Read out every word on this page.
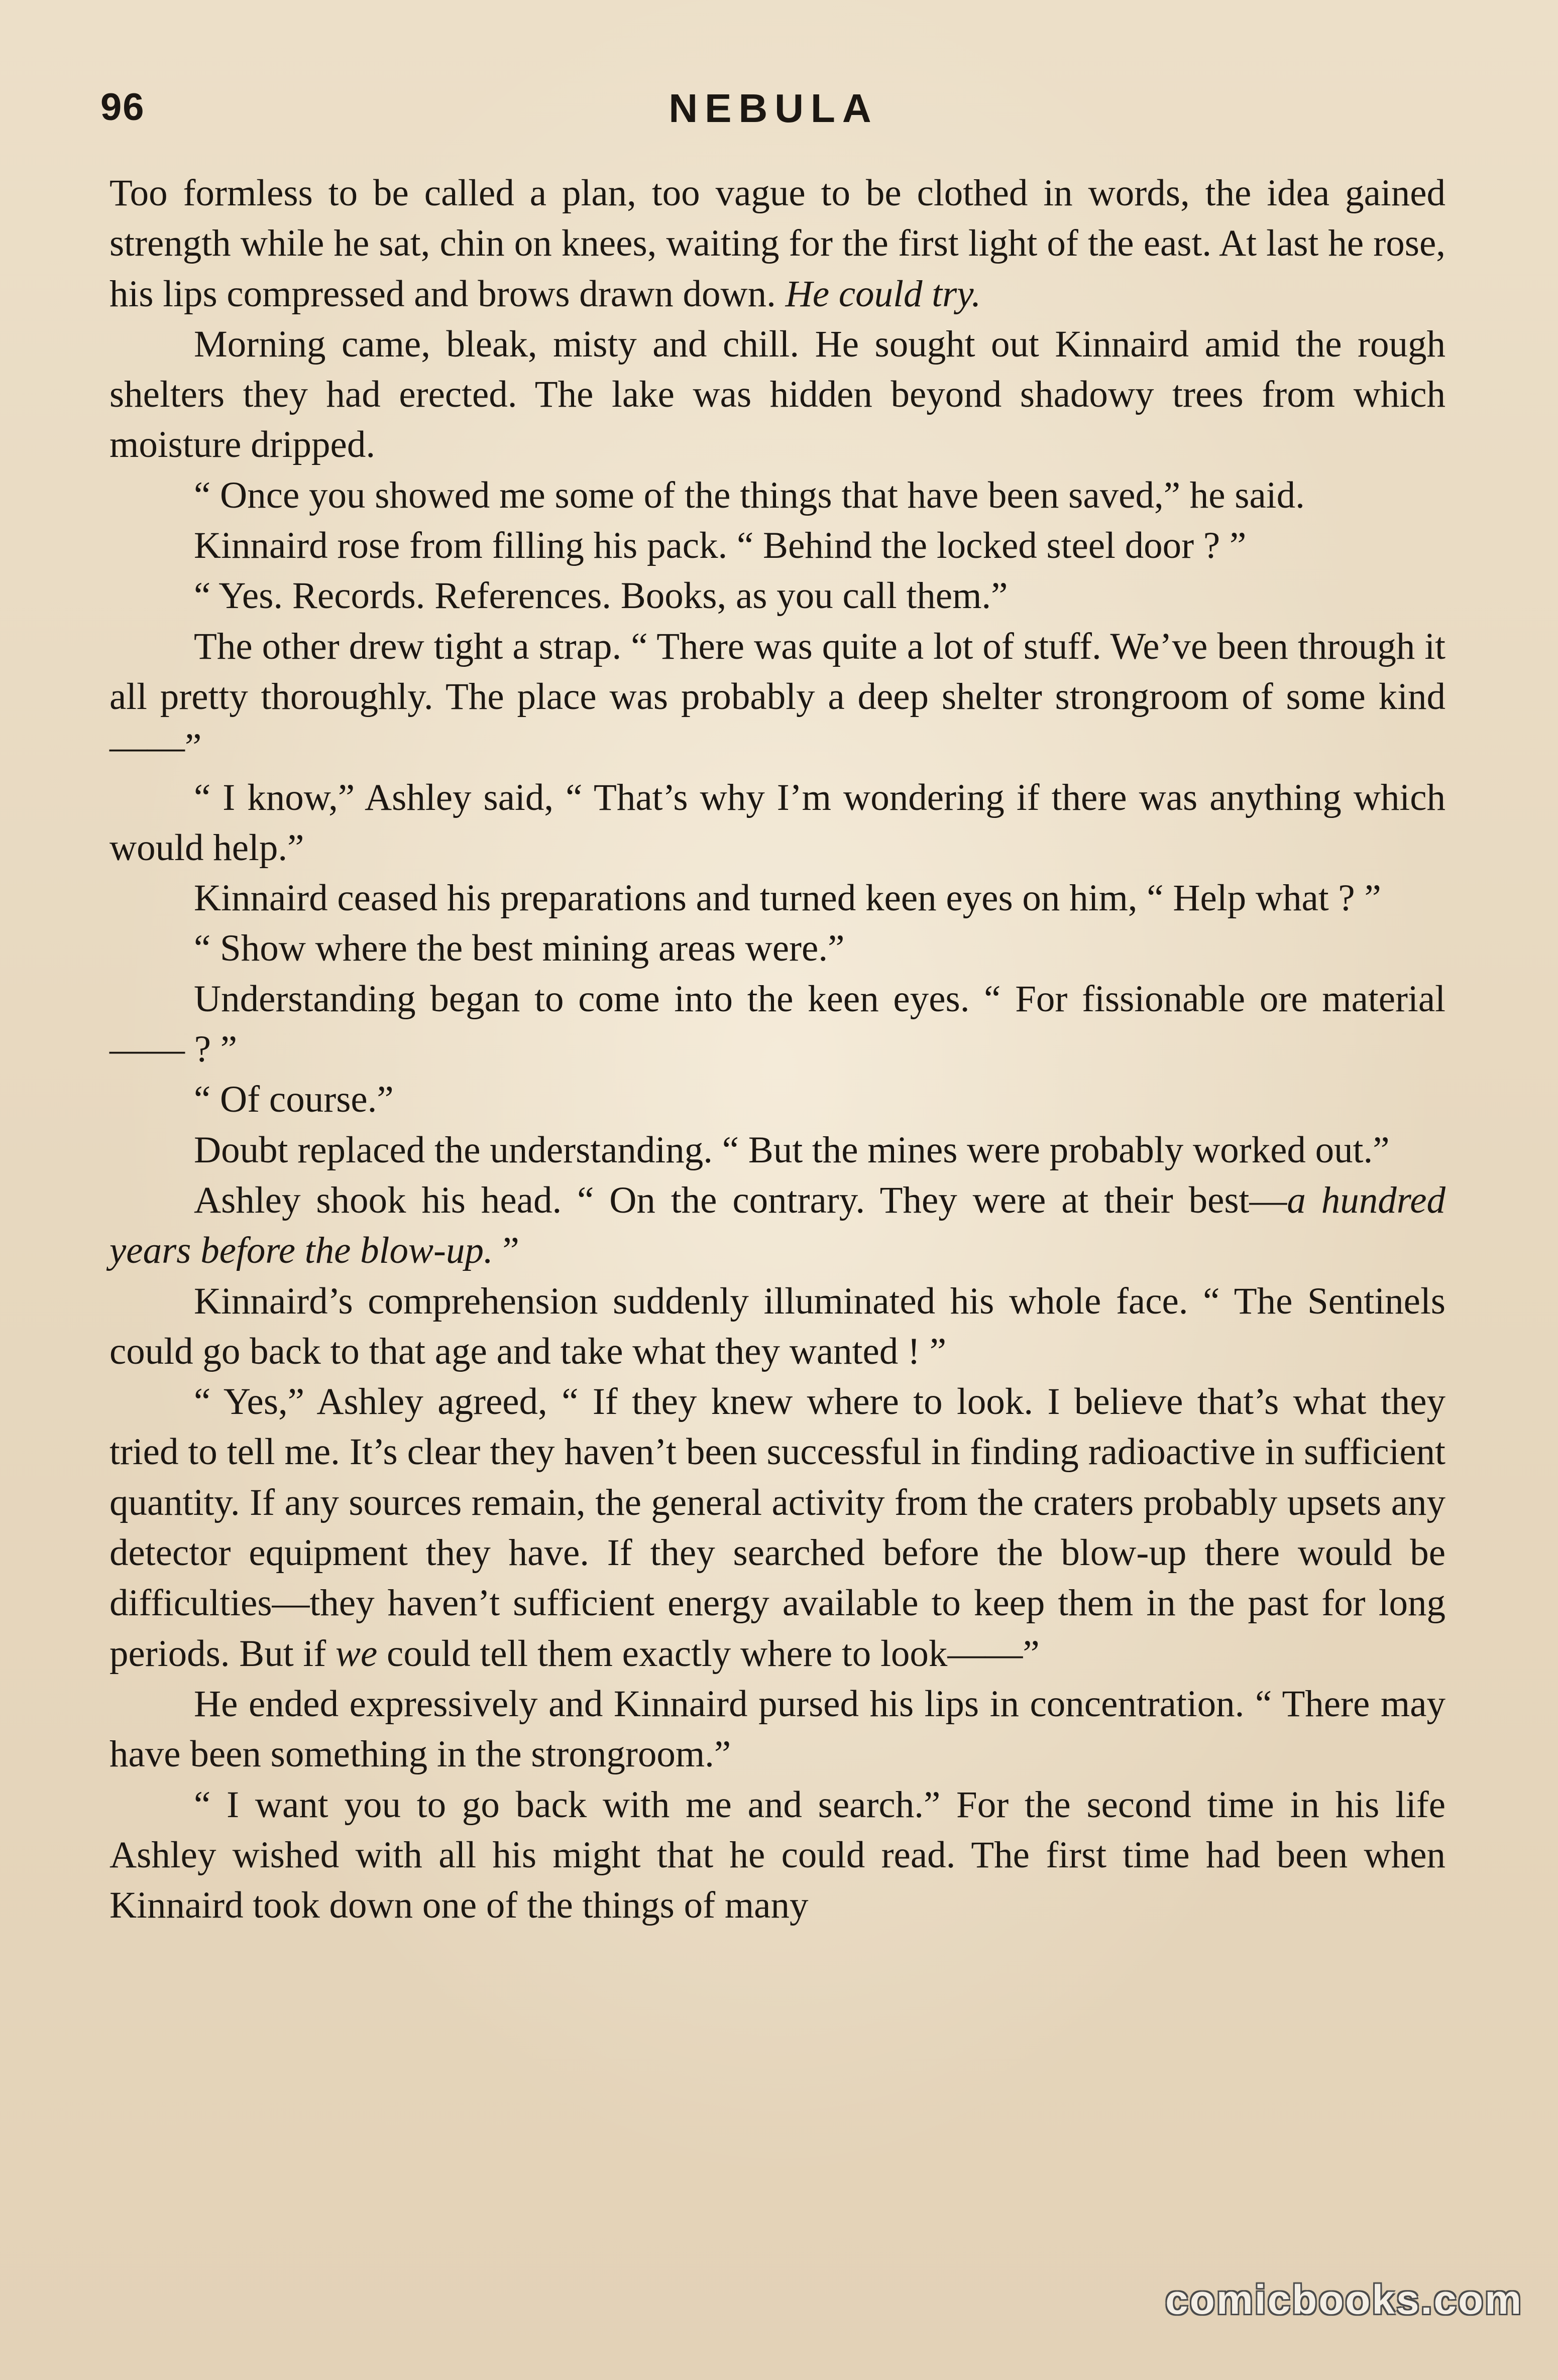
96	NEBULA

Too formless to be called a plan, too vague to be clothed in words, the idea gained strength while he sat, chin on knees, waiting for the first light of the east. At last he rose, his lips compressed and brows drawn down. He could try.

Morning came, bleak, misty and chill. He sought out Kinnaird amid the rough shelters they had erected. The lake was hidden beyond shadowy trees from which moisture dripped.

“ Once you showed me some of the things that have been saved,” he said.

Kinnaird rose from filling his pack. “ Behind the locked steel door ? ”

“ Yes. Records. References. Books, as you call them.”

The other drew tight a strap. “ There was quite a lot of stuff. We’ve been through it all pretty thoroughly. The place was probably a deep shelter strongroom of some kind——”

“ I know,” Ashley said, “ That’s why I’m wondering if there was anything which would help.”

Kinnaird ceased his preparations and turned keen eyes on him, “ Help what ? ”

“ Show where the best mining areas were.”

Understanding began to come into the keen eyes. “ For fissionable ore material—— ? ”

“ Of course.”

Doubt replaced the understanding. “ But the mines were probably worked out.”

Ashley shook his head. “ On the contrary. They were at their best—a hundred years before the blow-up. ”

Kinnaird’s comprehension suddenly illuminated his whole face. “ The Sentinels could go back to that age and take what they wanted ! ”

“ Yes,” Ashley agreed, “ If they knew where to look. I believe that’s what they tried to tell me. It’s clear they haven’t been successful in finding radioactive in sufficient quantity. If any sources remain, the general activity from the craters probably upsets any detector equipment they have. If they searched before the blow-up there would be difficulties—they haven’t sufficient energy available to keep them in the past for long periods. But if we could tell them exactly where to look——”

He ended expressively and Kinnaird pursed his lips in concentration. “ There may have been something in the strongroom.”

“ I want you to go back with me and search.” For the second time in his life Ashley wished with all his might that he could read. The first time had been when Kinnaird took down one of the things of many

comicbooks.com
